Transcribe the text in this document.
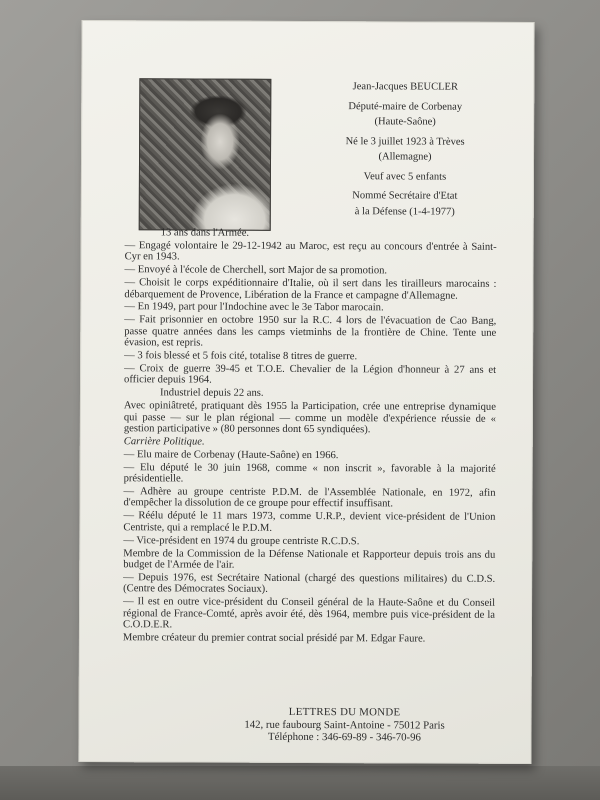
Jean-Jacques BEUCLER
Député-maire de Corbenay
(Haute-Saône)
Né le 3 juillet 1923 à Trèves
(Allemagne)
Veuf avec 5 enfants
Nommé Secrétaire d'Etat
à la Défense (1-4-1977)

13 ans dans l'Armée.

— Engagé volontaire le 29-12-1942 au Maroc, est reçu au concours d'entrée à Saint-Cyr en 1943.

— Envoyé à l'école de Cherchell, sort Major de sa promotion.

— Choisit le corps expéditionnaire d'Italie, où il sert dans les tirailleurs marocains : débarquement de Provence, Libération de la France et campagne d'Allemagne.

— En 1949, part pour l'Indochine avec le 3e Tabor marocain.

— Fait prisonnier en octobre 1950 sur la R.C. 4 lors de l'évacuation de Cao Bang, passe quatre années dans les camps vietminhs de la frontière de Chine. Tente une évasion, est repris.

— 3 fois blessé et 5 fois cité, totalise 8 titres de guerre.

— Croix de guerre 39-45 et T.O.E. Chevalier de la Légion d'honneur à 27 ans et officier depuis 1964.

Industriel depuis 22 ans.

Avec opiniâtreté, pratiquant dès 1955 la Participation, crée une entreprise dynamique qui passe — sur le plan régional — comme un modèle d'expérience réussie de « gestion participative » (80 personnes dont 65 syndiquées).

Carrière Politique.

— Elu maire de Corbenay (Haute-Saône) en 1966.

— Elu député le 30 juin 1968, comme « non inscrit », favorable à la majorité présidentielle.

— Adhère au groupe centriste P.D.M. de l'Assemblée Nationale, en 1972, afin d'empêcher la dissolution de ce groupe pour effectif insuffisant.

— Réélu député le 11 mars 1973, comme U.R.P., devient vice-président de l'Union Centriste, qui a remplacé le P.D.M.

— Vice-président en 1974 du groupe centriste R.C.D.S.

Membre de la Commission de la Défense Nationale et Rapporteur depuis trois ans du budget de l'Armée de l'air.

— Depuis 1976, est Secrétaire National (chargé des questions militaires) du C.D.S. (Centre des Démocrates Sociaux).

— Il est en outre vice-président du Conseil général de la Haute-Saône et du Conseil régional de France-Comté, après avoir été, dès 1964, membre puis vice-président de la C.O.D.E.R.

Membre créateur du premier contrat social présidé par M. Edgar Faure.

LETTRES DU MONDE
142, rue faubourg Saint-Antoine - 75012 Paris
Téléphone : 346-69-89 - 346-70-96
